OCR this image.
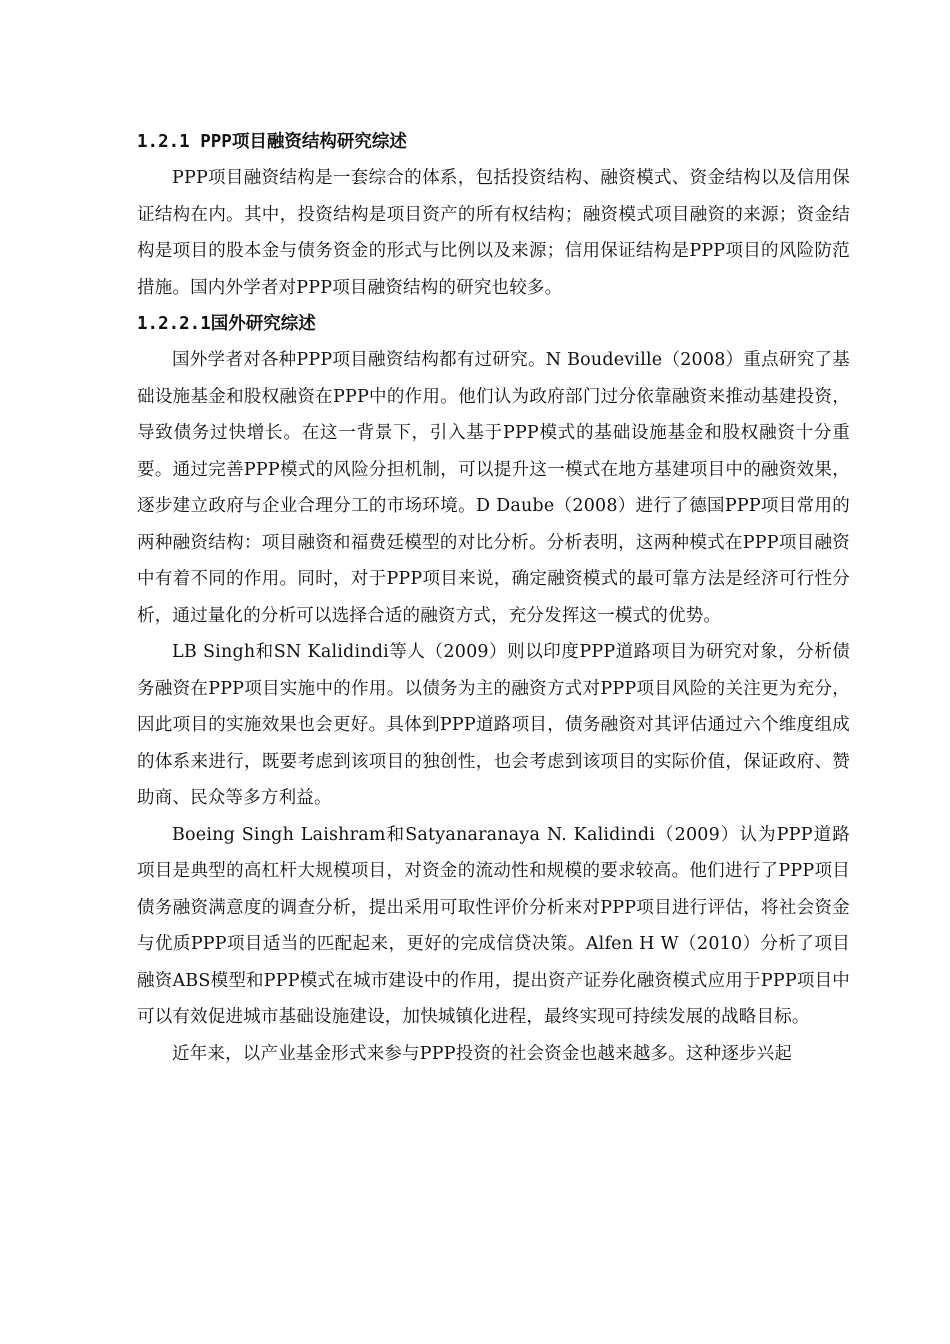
1.2.1 PPP项目融资结构研究综述

PPP项目融资结构是一套综合的体系，包括投资结构、融资模式、资金结构以及信用保证结构在内。其中，投资结构是项目资产的所有权结构；融资模式项目融资的来源；资金结构是项目的股本金与债务资金的形式与比例以及来源；信用保证结构是PPP项目的风险防范措施。国内外学者对PPP项目融资结构的研究也较多。

1.2.2.1国外研究综述

国外学者对各种PPP项目融资结构都有过研究。N Boudeville（2008）重点研究了基础设施基金和股权融资在PPP中的作用。他们认为政府部门过分依靠融资来推动基建投资，导致债务过快增长。在这一背景下，引入基于PPP模式的基础设施基金和股权融资十分重要。通过完善PPP模式的风险分担机制，可以提升这一模式在地方基建项目中的融资效果，逐步建立政府与企业合理分工的市场环境。D Daube（2008）进行了德国PPP项目常用的两种融资结构：项目融资和福费廷模型的对比分析。分析表明，这两种模式在PPP项目融资中有着不同的作用。同时，对于PPP项目来说，确定融资模式的最可靠方法是经济可行性分析，通过量化的分析可以选择合适的融资方式，充分发挥这一模式的优势。

LB Singh和SN Kalidindi等人（2009）则以印度PPP道路项目为研究对象，分析债务融资在PPP项目实施中的作用。以债务为主的融资方式对PPP项目风险的关注更为充分，因此项目的实施效果也会更好。具体到PPP道路项目，债务融资对其评估通过六个维度组成的体系来进行，既要考虑到该项目的独创性，也会考虑到该项目的实际价值，保证政府、赞助商、民众等多方利益。

Boeing Singh Laishram和Satyanaranaya N. Kalidindi（2009）认为PPP道路项目是典型的高杠杆大规模项目，对资金的流动性和规模的要求较高。他们进行了PPP项目债务融资满意度的调查分析，提出采用可取性评价分析来对PPP项目进行评估，将社会资金与优质PPP项目适当的匹配起来，更好的完成信贷决策。Alfen H W（2010）分析了项目融资ABS模型和PPP模式在城市建设中的作用，提出资产证券化融资模式应用于PPP项目中可以有效促进城市基础设施建设，加快城镇化进程，最终实现可持续发展的战略目标。

近年来，以产业基金形式来参与PPP投资的社会资金也越来越多。这种逐步兴起
